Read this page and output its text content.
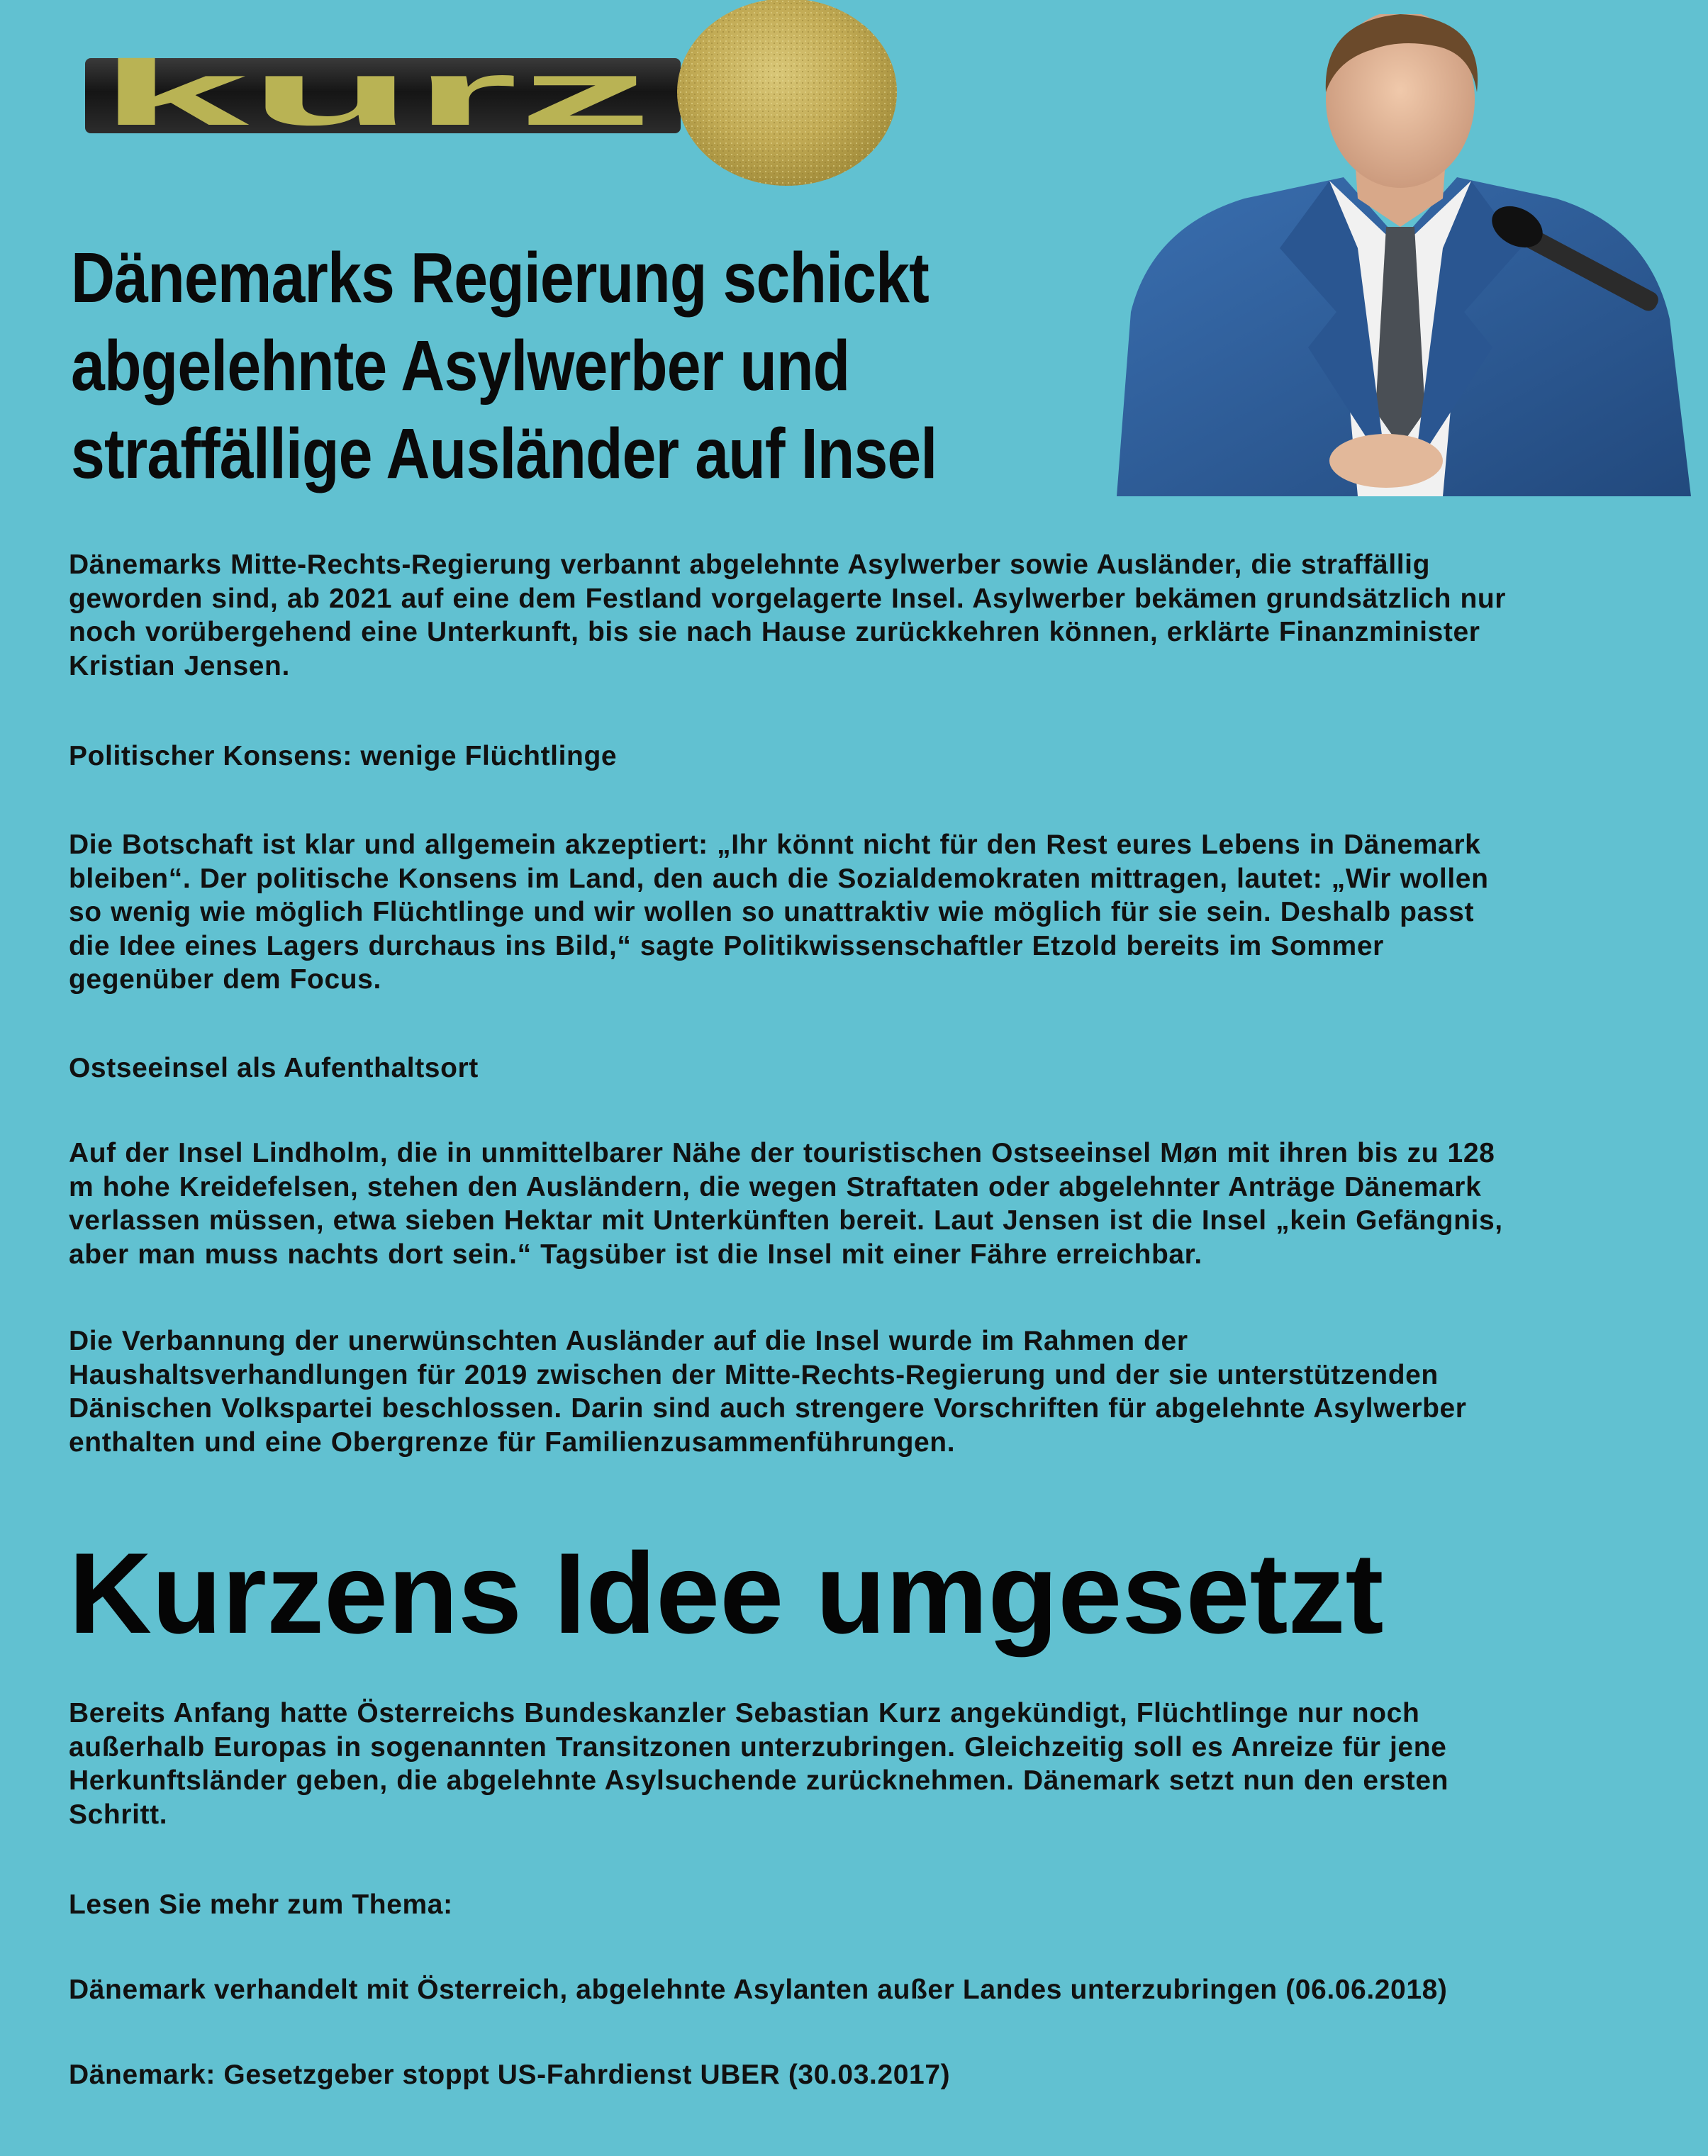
kurz
Dänemarks Regierung schickt
abgelehnte Asylwerber und
straffällige Ausländer auf Insel

Dänemarks Mitte-Rechts-Regierung verbannt abgelehnte Asylwerber sowie Ausländer, die straffällig
geworden sind, ab 2021 auf eine dem Festland vorgelagerte Insel. Asylwerber bekämen grundsätzlich nur
noch vorübergehend eine Unterkunft, bis sie nach Hause zurückkehren können, erklärte Finanzminister
Kristian Jensen.

Politischer Konsens: wenige Flüchtlinge

Die Botschaft ist klar und allgemein akzeptiert: „Ihr könnt nicht für den Rest eures Lebens in Dänemark
bleiben“. Der politische Konsens im Land, den auch die Sozialdemokraten mittragen, lautet: „Wir wollen
so wenig wie möglich Flüchtlinge und wir wollen so unattraktiv wie möglich für sie sein. Deshalb passt
die Idee eines Lagers durchaus ins Bild,“ sagte Politikwissenschaftler Etzold bereits im Sommer
gegenüber dem Focus.

Ostseeinsel als Aufenthaltsort

Auf der Insel Lindholm, die in unmittelbarer Nähe der touristischen Ostseeinsel Møn mit ihren bis zu 128
m hohe Kreidefelsen, stehen den Ausländern, die wegen Straftaten oder abgelehnter Anträge Dänemark
verlassen müssen, etwa sieben Hektar mit Unterkünften bereit. Laut Jensen ist die Insel „kein Gefängnis,
aber man muss nachts dort sein.“ Tagsüber ist die Insel mit einer Fähre erreichbar.

Die Verbannung der unerwünschten Ausländer auf die Insel wurde im Rahmen der
Haushaltsverhandlungen für 2019 zwischen der Mitte-Rechts-Regierung und der sie unterstützenden
Dänischen Volkspartei beschlossen. Darin sind auch strengere Vorschriften für abgelehnte Asylwerber
enthalten und eine Obergrenze für Familienzusammenführungen.

Kurzens Idee umgesetzt

Bereits Anfang hatte Österreichs Bundeskanzler Sebastian Kurz angekündigt, Flüchtlinge nur noch
außerhalb Europas in sogenannten Transitzonen unterzubringen. Gleichzeitig soll es Anreize für jene
Herkunftsländer geben, die abgelehnte Asylsuchende zurücknehmen. Dänemark setzt nun den ersten
Schritt.

Lesen Sie mehr zum Thema:

Dänemark verhandelt mit Österreich, abgelehnte Asylanten außer Landes unterzubringen (06.06.2018)

Dänemark: Gesetzgeber stoppt US-Fahrdienst UBER (30.03.2017)
